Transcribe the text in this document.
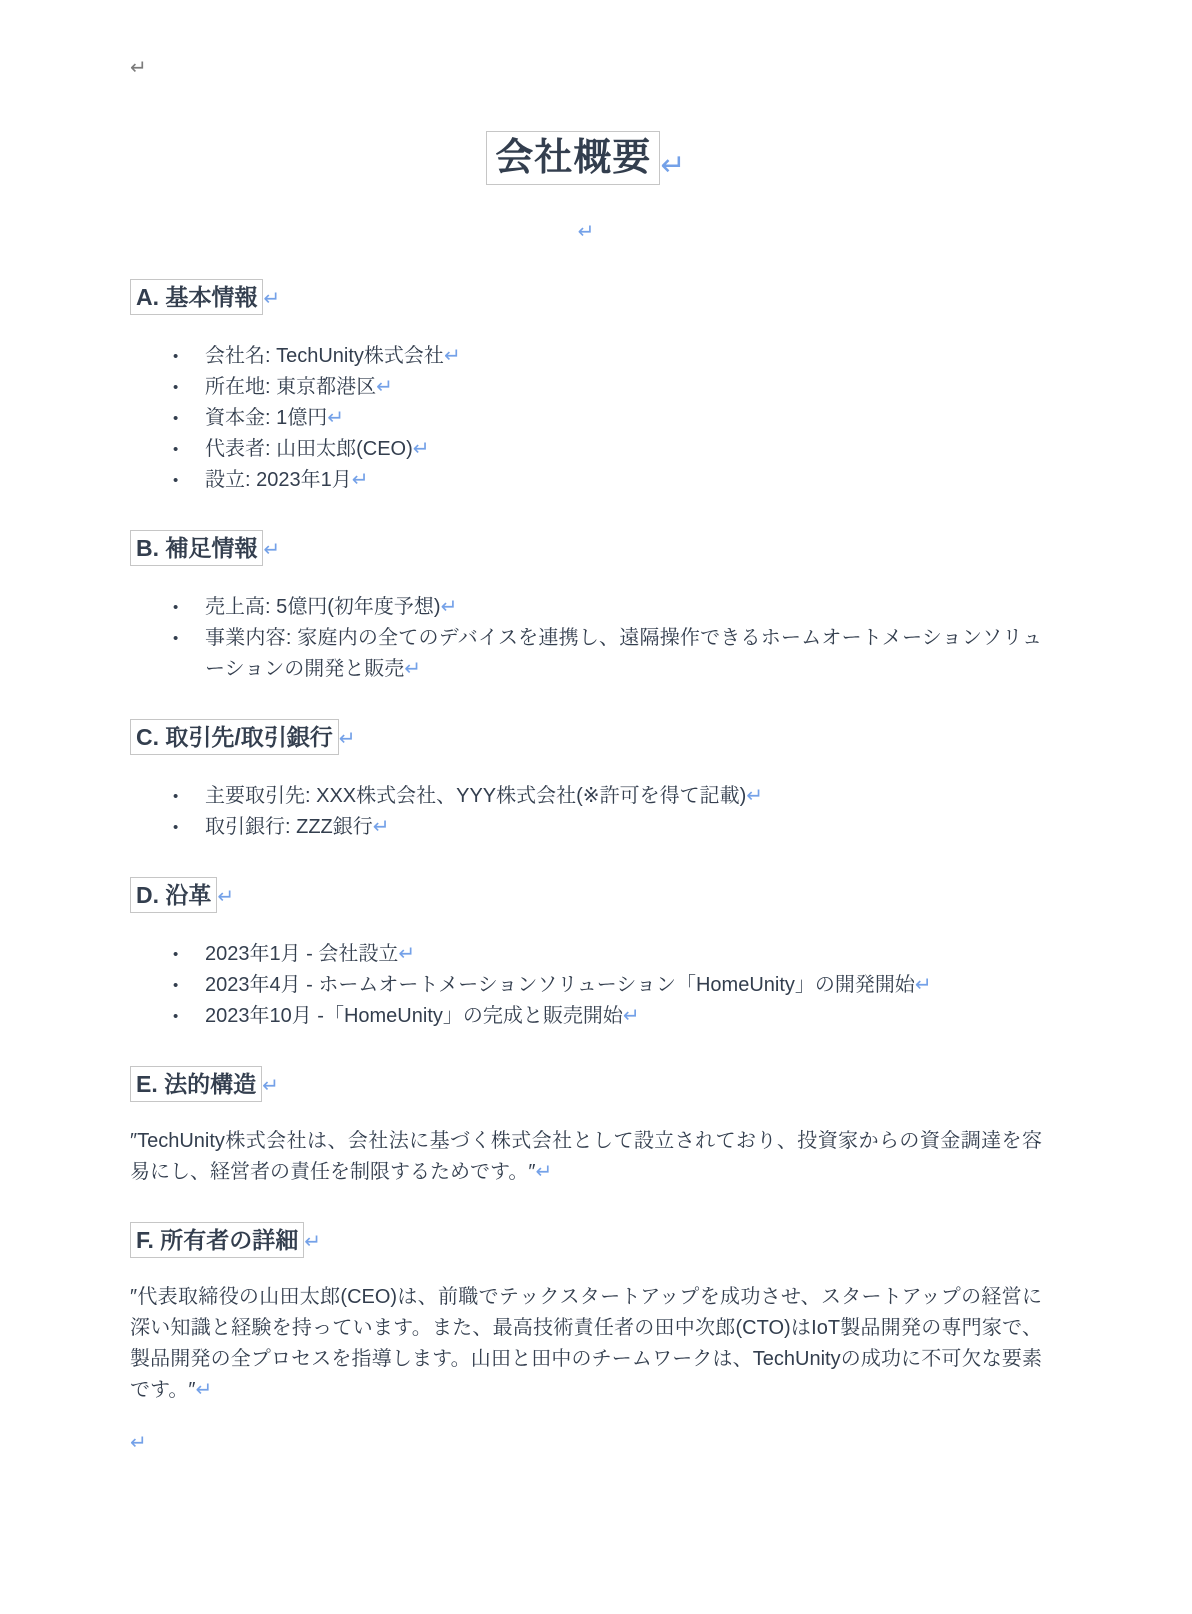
↵
会社概要 ↵
↵
A. 基本情報 ↵
• 会社名: TechUnity株式会社↵
• 所在地: 東京都港区↵
• 資本金: 1億円↵
• 代表者: 山田太郎(CEO)↵
• 設立: 2023年1月↵
B. 補足情報 ↵
• 売上高: 5億円(初年度予想)↵
• 事業内容: 家庭内の全てのデバイスを連携し、遠隔操作できるホームオートメーションソリューションの開発と販売↵
C. 取引先/取引銀行 ↵
• 主要取引先: XXX株式会社、YYY株式会社(※許可を得て記載)↵
• 取引銀行: ZZZ銀行↵
D. 沿革 ↵
• 2023年1月 - 会社設立↵
• 2023年4月 - ホームオートメーションソリューション「HomeUnity」の開発開始↵
• 2023年10月 -「HomeUnity」の完成と販売開始↵
E. 法的構造 ↵

″TechUnity株式会社は、会社法に基づく株式会社として設立されており、投資家からの資金調達を容易にし、経営者の責任を制限するためです。″↵

F. 所有者の詳細 ↵

″代表取締役の山田太郎(CEO)は、前職でテックスタートアップを成功させ、スタートアップの経営に深い知識と経験を持っています。また、最高技術責任者の田中次郎(CTO)はIoT製品開発の専門家で、製品開発の全プロセスを指導します。山田と田中のチームワークは、TechUnityの成功に不可欠な要素です。″↵

↵
